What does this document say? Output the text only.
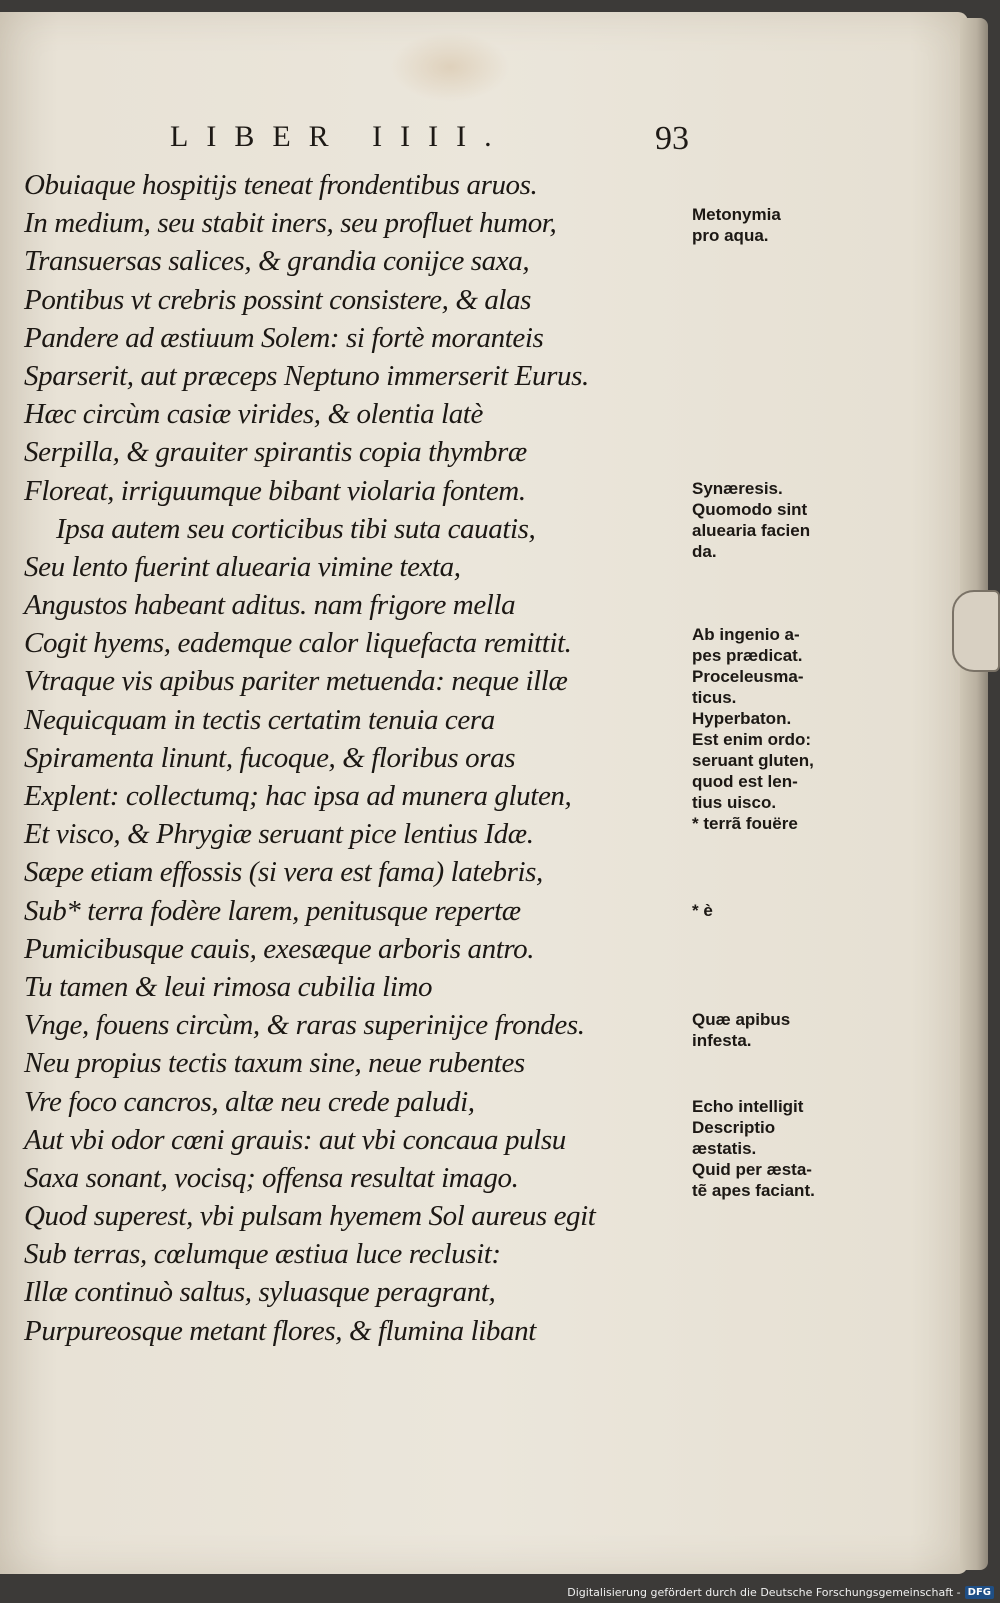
LIBER IIII.	93
Obuiaque hospitijs teneat frondentibus aruos.
In medium, seu stabit iners, seu profluet humor,
Transuersas salices, & grandia conijce saxa,
Pontibus vt crebris possint consistere, & alas
Pandere ad æstiuum Solem: si fortè moranteis
Sparserit, aut præceps Neptuno immerserit Eurus.
Hæc circùm casiæ virides, & olentia latè
Serpilla, & grauiter spirantis copia thymbræ
Floreat, irriguumque bibant violaria fontem.
Ipsa autem seu corticibus tibi suta cauatis,
Seu lento fuerint aluearia vimine texta,
Angustos habeant aditus. nam frigore mella
Cogit hyems, eademque calor liquefacta remittit.
Vtraque vis apibus pariter metuenda: neque illæ
Nequicquam in tectis certatim tenuia cera
Spiramenta linunt, fucoque, & floribus oras
Explent: collectumq; hac ipsa ad munera gluten,
Et visco, & Phrygiæ seruant pice lentius Idæ.
Sæpe etiam effossis (si vera est fama) latebris,
Sub* terra fodère larem, penitusque repertæ
Pumicibusque cauis, exesæque arboris antro.
Tu tamen & leui rimosa cubilia limo
Vnge, fouens circùm, & raras superinijce frondes.
Neu propius tectis taxum sine, neue rubentes
Vre foco cancros, altæ neu crede paludi,
Aut vbi odor cœni grauis: aut vbi concaua pulsu
Saxa sonant, vocisq; offensa resultat imago.
Quod superest, vbi pulsam hyemem Sol aureus egit
Sub terras, cœlumque æstiua luce reclusit:
Illæ continuò saltus, syluasque peragrant,
Purpureosque metant flores, & flumina libant
Metonymia
pro aqua.
Synæresis.
Quomodo sint
aluearia facien
da.
Ab ingenio a-
pes prædicat.
Proceleusma-
ticus.
Hyperbaton.
Est enim ordo:
seruant gluten,
quod est len-
tius uisco.
* terrã fouëre
* è
Quæ apibus
infesta.
Echo intelligit
Descriptio
æstatis.
Quid per æsta-
tẽ apes faciant.
Digitalisierung gefördert durch die Deutsche Forschungsgemeinschaft - DFG
